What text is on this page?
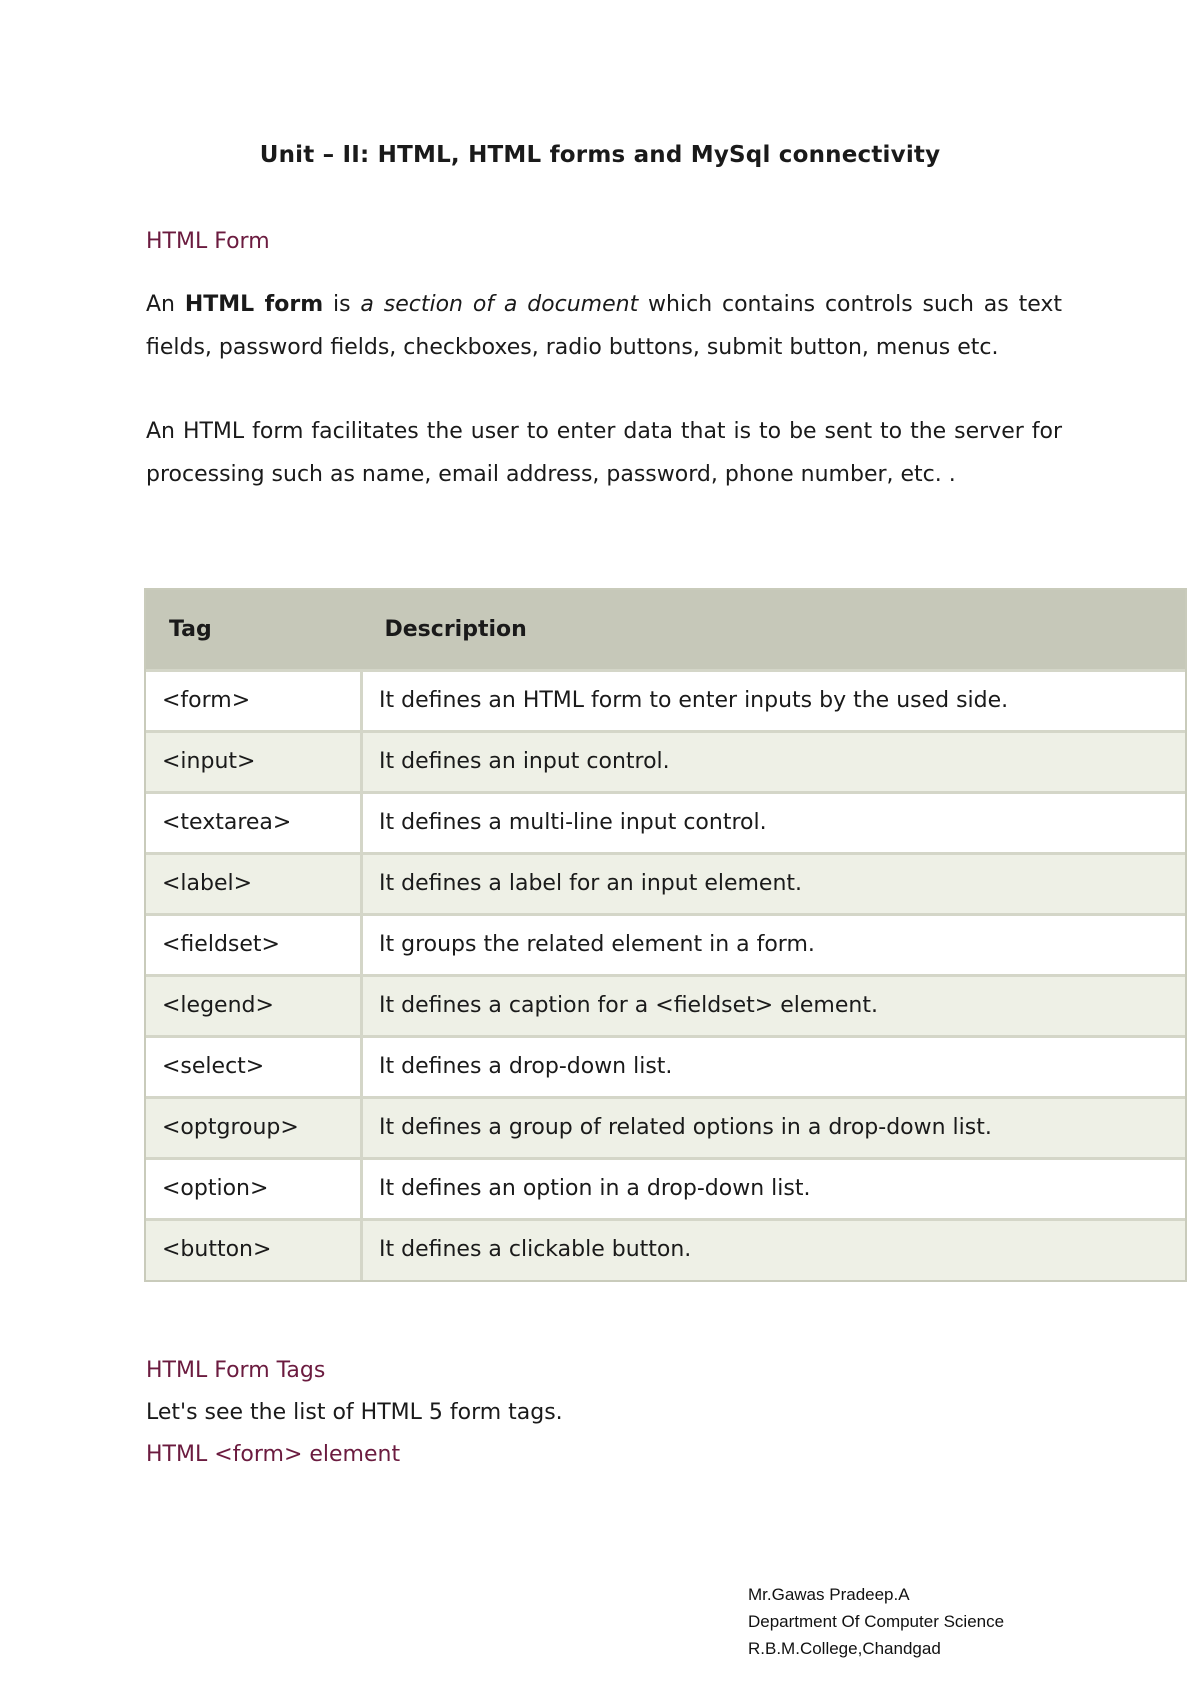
Unit – II: HTML, HTML forms and MySql connectivity
HTML Form
An HTML form is a section of a document which contains controls such as text fields, password fields, checkboxes, radio buttons, submit button, menus etc.
An HTML form facilitates the user to enter data that is to be sent to the server for processing such as name, email address, password, phone number, etc. .
Tag	Description
<form>	It defines an HTML form to enter inputs by the used side.
<input>	It defines an input control.
<textarea>	It defines a multi-line input control.
<label>	It defines a label for an input element.
<fieldset>	It groups the related element in a form.
<legend>	It defines a caption for a <fieldset> element.
<select>	It defines a drop-down list.
<optgroup>	It defines a group of related options in a drop-down list.
<option>	It defines an option in a drop-down list.
<button>	It defines a clickable button.
HTML Form Tags
Let's see the list of HTML 5 form tags.
HTML <form> element
Mr.Gawas Pradeep.A
Department Of Computer Science
R.B.M.College,Chandgad
